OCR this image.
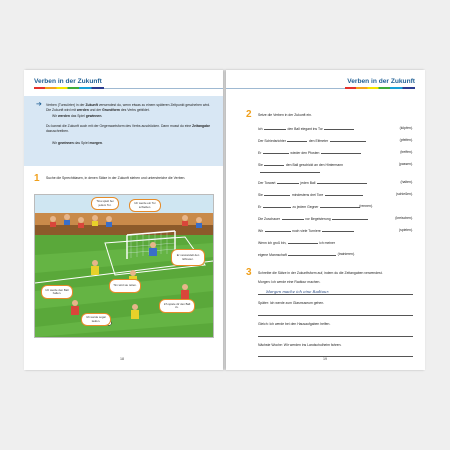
Verben in der Zukunft
➔ Verben (Tunwörter) in der Zukunft verwendest du, wenn etwas zu einem späteren Zeitpunkt geschehen wird. Die Zukunft wird mit werden und der Grundform des Verbs gebildet.
Wir werden das Spiel gewinnen.
Du kannst die Zukunft auch mit der Gegenwartsform des Verbs ausdrücken. Dann musst du eine Zeitangabe dazuschreiben.
Wir gewinnen das Spiel morgen.
1 Suche die Sprechblasen, in denen Sätze in der Zukunft stehen und unterstreiche die Verben.
Tina spielt bei jedem Tor.	Ich werde ein Tor schießen.
Er verwandelt den Elfmeter.
Tim wird sie retten.
Ich werde den Ball halten.
Ich spiele dir den Ball zu.
Ich werde sogar laufen.
18
Verben in der Zukunft
2 Setze die Verben in der Zukunft ein.
Ich	den Ball elegant ins Tor	(köpfen).
Der Schiedsrichter	den Elfmeter	(pfeifen).
Er	wieder den Pfosten	(treffen).
Sie	den Ball geschickt an den Hintermann	(passen).
Der Torwart	jeden Ball	(halten).
Sie	mindestens drei Tore	(schießen).
Er	zu jedem Gegner	(rennen).
Die Zuschauer	vor Begeisterung	(kreischen).
Wir	noch viele Turniere	(spielen).
Wenn ich groß bin,	ich meiner
eigene Mannschaft	(trainieren).
3 Schreibe die Sätze in der Zukunftsform auf, indem du die Zeitangaben verwendest.
Morgen: Ich werde eine Radtour machen.
Morgen mache ich eine Radtour.
Später: Ich werde zum Glasmuseum gehen.
Gleich: Ich werde bei den Hausaufgaben helfen.
Nächste Woche: Wir werden ins Landschulheim fahren.
19
